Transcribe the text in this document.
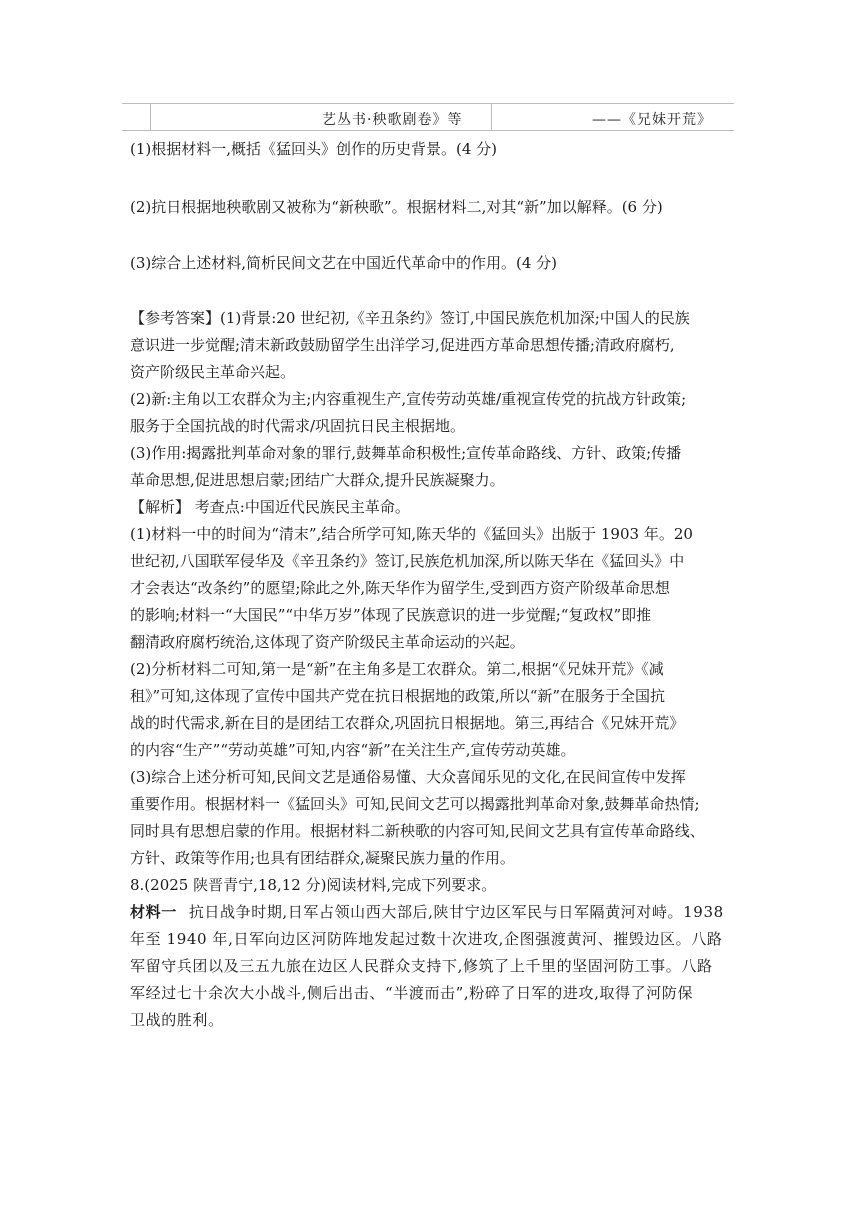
艺丛书·秧歌剧卷》等	——《兄妹开荒》
(1)根据材料一,概括《猛回头》创作的历史背景。(4 分)
(2)抗日根据地秧歌剧又被称为“新秧歌”。根据材料二,对其“新”加以解释。(6 分)
(3)综合上述材料,简析民间文艺在中国近代革命中的作用。(4 分)
【参考答案】(1)背景:20 世纪初,《辛丑条约》签订,中国民族危机加深;中国人的民族
意识进一步觉醒;清末新政鼓励留学生出洋学习,促进西方革命思想传播;清政府腐朽,
资产阶级民主革命兴起。
(2)新:主角以工农群众为主;内容重视生产,宣传劳动英雄/重视宣传党的抗战方针政策;
服务于全国抗战的时代需求/巩固抗日民主根据地。
(3)作用:揭露批判革命对象的罪行,鼓舞革命积极性;宣传革命路线、方针、政策;传播
革命思想,促进思想启蒙;团结广大群众,提升民族凝聚力。
【解析】 考查点:中国近代民族民主革命。
(1)材料一中的时间为“清末”,结合所学可知,陈天华的《猛回头》出版于 1903 年。20
世纪初,八国联军侵华及《辛丑条约》签订,民族危机加深,所以陈天华在《猛回头》中
才会表达“改条约”的愿望;除此之外,陈天华作为留学生,受到西方资产阶级革命思想
的影响;材料一“大国民”“中华万岁”体现了民族意识的进一步觉醒;“复政权”即推
翻清政府腐朽统治,这体现了资产阶级民主革命运动的兴起。
(2)分析材料二可知,第一是“新”在主角多是工农群众。第二,根据“《兄妹开荒》《减
租》”可知,这体现了宣传中国共产党在抗日根据地的政策,所以“新”在服务于全国抗
战的时代需求,新在目的是团结工农群众,巩固抗日根据地。第三,再结合《兄妹开荒》
的内容“生产”“劳动英雄”可知,内容“新”在关注生产,宣传劳动英雄。
(3)综合上述分析可知,民间文艺是通俗易懂、大众喜闻乐见的文化,在民间宣传中发挥
重要作用。根据材料一《猛回头》可知,民间文艺可以揭露批判革命对象,鼓舞革命热情;
同时具有思想启蒙的作用。根据材料二新秧歌的内容可知,民间文艺具有宣传革命路线、
方针、政策等作用;也具有团结群众,凝聚民族力量的作用。
8.(2025 陕晋青宁,18,12 分)阅读材料,完成下列要求。
材料一 抗日战争时期,日军占领山西大部后,陕甘宁边区军民与日军隔黄河对峙。1938
年至 1940 年,日军向边区河防阵地发起过数十次进攻,企图强渡黄河、摧毁边区。八路
军留守兵团以及三五九旅在边区人民群众支持下,修筑了上千里的坚固河防工事。八路
军经过七十余次大小战斗,侧后出击、“半渡而击”,粉碎了日军的进攻,取得了河防保
卫战的胜利。
